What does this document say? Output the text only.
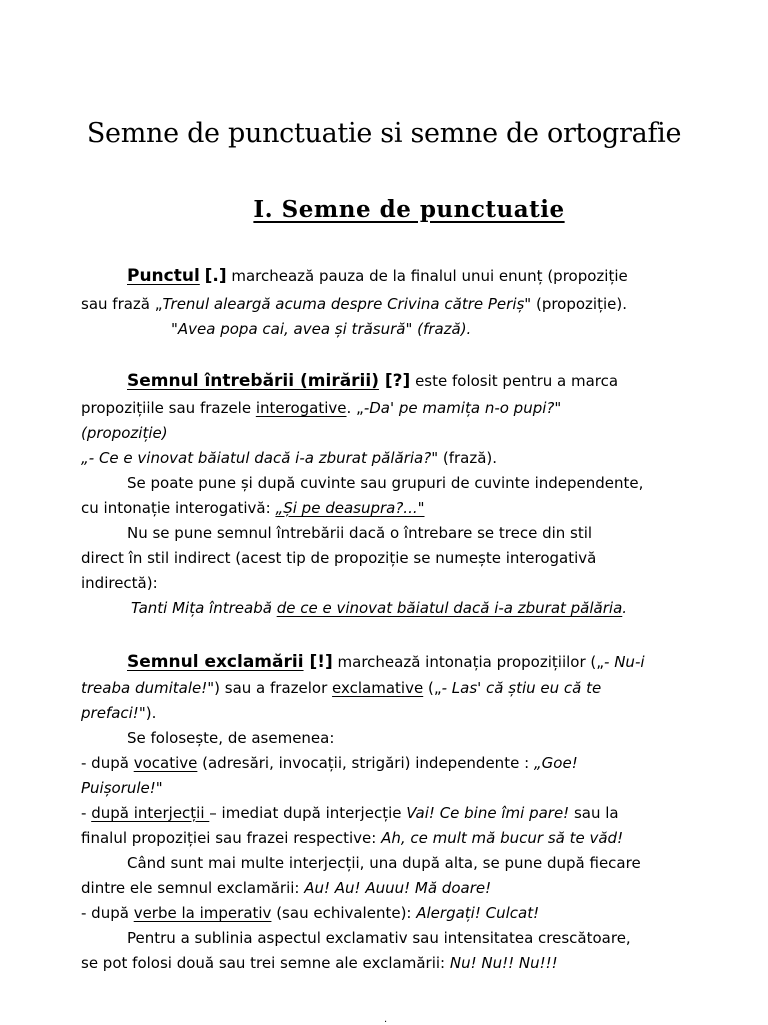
Semne de punctuatie si semne de ortografie
I. Semne de punctuatie
Punctul [.] marchează pauza de la finalul unui enunț (propoziție
sau frază „Trenul aleargă acuma despre Crivina către Periș" (propoziție).
"Avea popa cai, avea și trăsură" (frază).
Semnul întrebării (mirării) [?] este folosit pentru a marca
propozițiile sau frazele interogative. „-Da' pe mamița n-o pupi?"
(propoziție)
„- Ce e vinovat băiatul dacă i-a zburat pălăria?" (frază).
Se poate pune și după cuvinte sau grupuri de cuvinte independente,
cu intonație interogativă: „Și pe deasupra?..."
Nu se pune semnul întrebării dacă o întrebare se trece din stil
direct în stil indirect (acest tip de propoziție se numește interogativă
indirectă):
Tanti Mița întreabă de ce e vinovat băiatul dacă i-a zburat pălăria.
Semnul exclamării [!] marchează intonația propozițiilor („- Nu-i
treaba dumitale!") sau a frazelor exclamative („- Las' că știu eu că te
prefaci!").
Se folosește, de asemenea:
- după vocative (adresări, invocații, strigări) independente : „Goe!
Puișorule!"
- după interjecții – imediat după interjecție Vai! Ce bine îmi pare! sau la
finalul propoziției sau frazei respective: Ah, ce mult mă bucur să te văd!
Când sunt mai multe interjecții, una după alta, se pune după fiecare
dintre ele semnul exclamării: Au! Au! Auuu! Mă doare!
- după verbe la imperativ (sau echivalente): Alergați! Culcat!
Pentru a sublinia aspectul exclamativ sau intensitatea crescătoare,
se pot folosi două sau trei semne ale exclamării: Nu! Nu!! Nu!!!
.
